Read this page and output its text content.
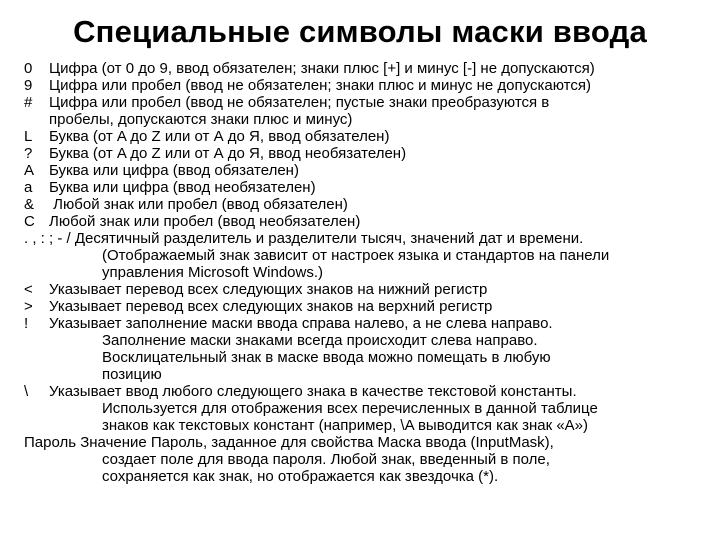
Специальные символы маски ввода
0	Цифра (от 0 до 9, ввод обязателен; знаки плюс [+] и минус [-] не допускаются)
9	Цифра или пробел (ввод не обязателен; знаки плюс и минус не допускаются)
#	Цифра или пробел (ввод не обязателен; пустые знаки преобразуются в
пробелы, допускаются знаки плюс и минус)
L	Буква (от A до Z или от А до Я, ввод обязателен)
?	Буква (от A до Z или от А до Я, ввод необязателен)
A Буква или цифра (ввод обязателен)
a	Буква или цифра (ввод необязателен)
& Любой знак или пробел (ввод обязателен)
C Любой знак или пробел (ввод необязателен)
. , : ; - / Десятичный разделитель и разделители тысяч, значений дат и времени.
(Отображаемый знак зависит от настроек языка и стандартов на панели
управления Microsoft Windows.)
<	Указывает перевод всех следующих знаков на нижний регистр
>	Указывает перевод всех следующих знаков на верхний регистр
!	Указывает заполнение маски ввода справа налево, а не слева направо.
Заполнение маски знаками всегда происходит слева направо.
Восклицательный знак в маске ввода можно помещать в любую
позицию
\	Указывает ввод любого следующего знака в качестве текстовой константы.
Используется для отображения всех перечисленных в данной таблице
знаков как текстовых констант (например, \A выводится как знак «A»)
Пароль Значение Пароль, заданное для свойства Маска ввода (InputMask),
создает поле для ввода пароля. Любой знак, введенный в поле,
сохраняется как знак, но отображается как звездочка (*).
